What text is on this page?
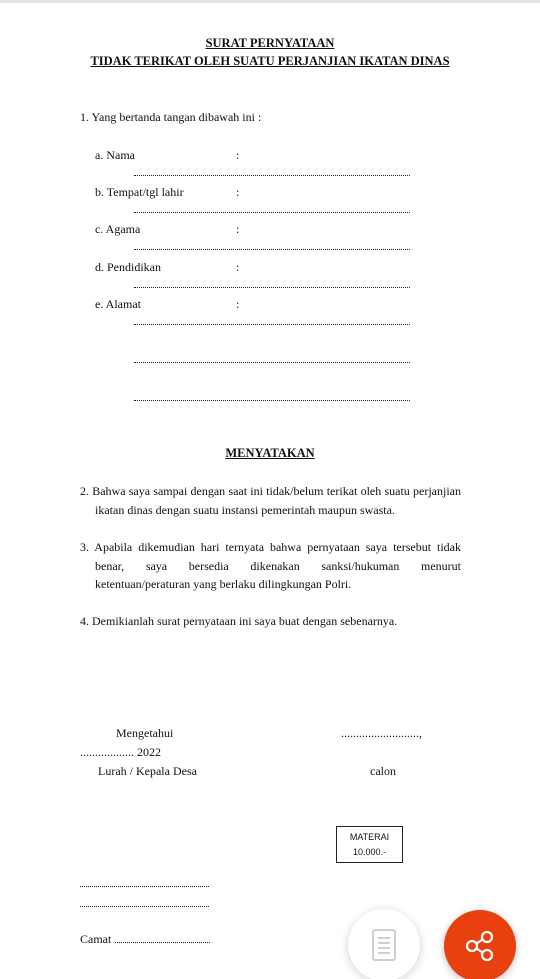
SURAT PERNYATAAN
TIDAK TERIKAT OLEH SUATU PERJANJIAN IKATAN DINAS
1. Yang bertanda tangan dibawah ini :
a. Nama	:
b. Tempat/tgl lahir	:
c. Agama	:
d. Pendidikan	:
e. Alamat	:
MENYATAKAN
2. Bahwa saya sampai dengan saat ini tidak/belum terikat oleh suatu perjanjian
ikatan dinas dengan suatu instansi pemerintah maupun swasta.
3. Apabila dikemudian hari ternyata bahwa pernyataan saya tersebut tidak
benar, saya bersedia dikenakan sanksi/hukuman menurut
ketentuan/peraturan yang berlaku dilingkungan Polri.
4. Demikianlah surat pernyataan ini saya buat dengan sebenarnya.
Mengetahui	..........................,
.................. 2022
Lurah / Kepala Desa	calon
MATERAI
10.000.-
Camat
